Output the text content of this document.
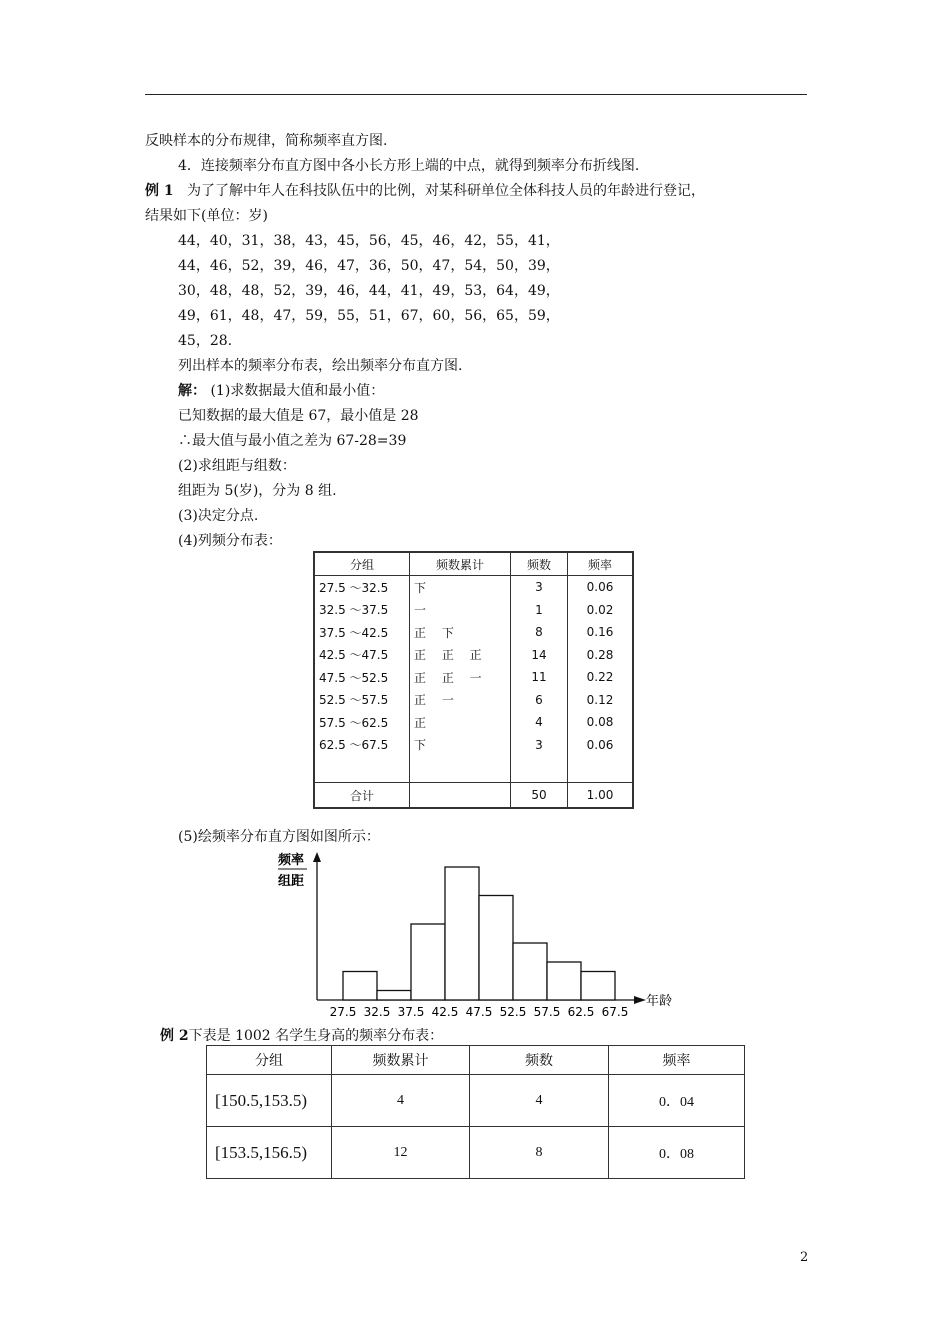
反映样本的分布规律，简称频率直方图.
4．连接频率分布直方图中各小长方形上端的中点，就得到频率分布折线图.
例 1 为了了解中年人在科技队伍中的比例，对某科研单位全体科技人员的年龄进行登记，
结果如下(单位：岁)
44，40，31，38，43，45，56，45，46，42，55，41，
44，46，52，39，46，47，36，50，47，54，50，39，
30，48，48，52，39，46，44，41，49，53，64，49，
49，61，48，47，59，55，51，67，60，56，65，59，
45，28.
列出样本的频率分布表，绘出频率分布直方图.
解： (1)求数据最大值和最小值：
已知数据的最大值是 67，最小值是 28
∴最大值与最小值之差为 67-28=39
(2)求组距与组数：
组距为 5(岁)，分为 8 组.
(3)决定分点.
(4)列频分布表：
分组	频数累计	频数	频率
27.5 ～32.5	下	3	0.06
32.5 ～37.5	一	1	0.02
37.5 ～42.5	正 下	8	0.16
42.5 ～47.5	正 正 正	14	0.28
47.5 ～52.5	正 正 一	11	0.22
52.5 ～57.5	正 一	6	0.12
57.5 ～62.5	正	4	0.08
62.5 ～67.5	下	3	0.06

合计		50	1.00
(5)绘频率分布直方图如图所示：
频率
组距
年龄
27.5 32.5 37.5 42.5 47.5 52.5 57.5 62.5 67.5
例 2下表是 1002 名学生身高的频率分布表：
分组	频数累计	频数	频率
[150.5,153.5)	4	4	0．04
[153.5,156.5)	12	8	0．08
2
